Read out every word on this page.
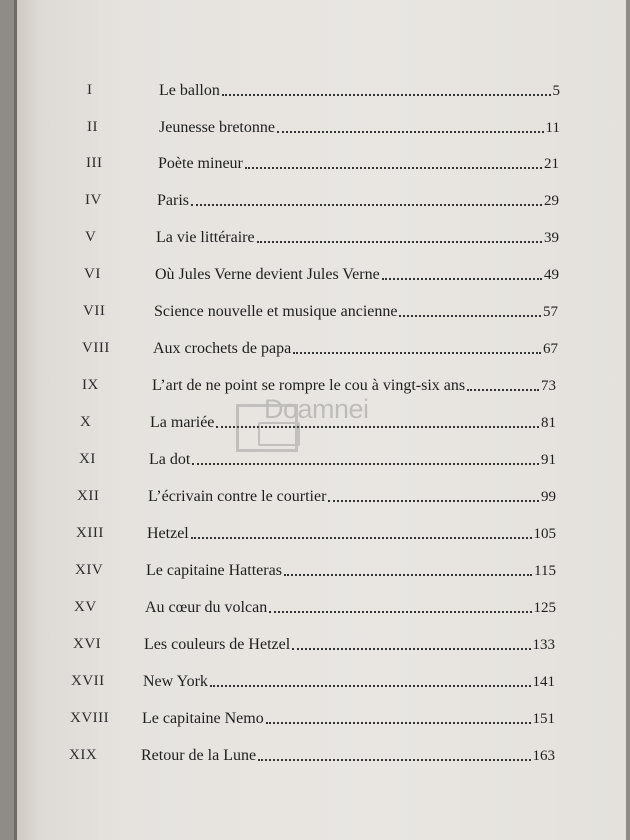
I	Le ballon	5
II	Jeunesse bretonne	11
III	Poète mineur	21
IV	Paris	29
V	La vie littéraire	39
VI	Où Jules Verne devient Jules Verne	49
VII	Science nouvelle et musique ancienne	57
VIII	Aux crochets de papa	67
IX	L’art de ne point se rompre le cou à vingt-six ans	73
X	La mariée	81
XI	La dot	91
XII	L’écrivain contre le courtier	99
XIII	Hetzel	105
XIV	Le capitaine Hatteras	115
XV	Au cœur du volcan	125
XVI	Les couleurs de Hetzel	133
XVII	New York	141
XVIII	Le capitaine Nemo	151
XIX	Retour de la Lune	163
Doamnei
